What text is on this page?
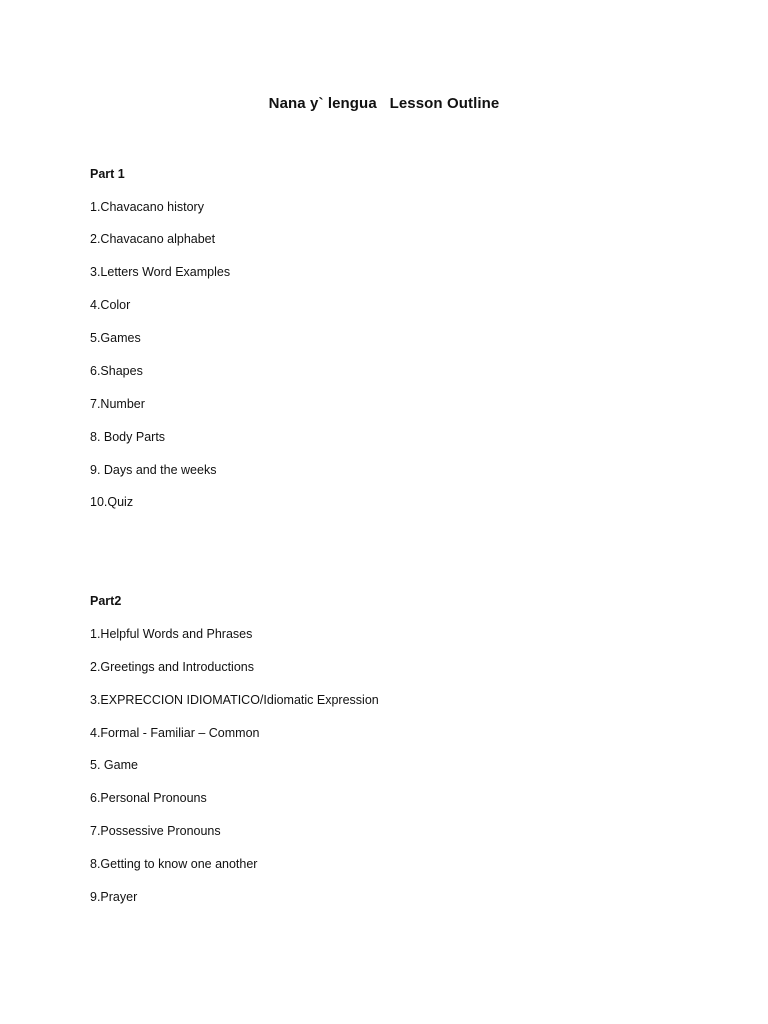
Nana y` lengua   Lesson Outline
Part 1
1.Chavacano history
2.Chavacano alphabet
3.Letters Word Examples
4.Color
5.Games
6.Shapes
7.Number
8. Body Parts
9. Days and the weeks
10.Quiz
Part2
1.Helpful Words and Phrases
2.Greetings and Introductions
3.EXPRECCION IDIOMATICO/Idiomatic Expression
4.Formal - Familiar – Common
5. Game
6.Personal Pronouns
7.Possessive Pronouns
8.Getting to know one another
9.Prayer
